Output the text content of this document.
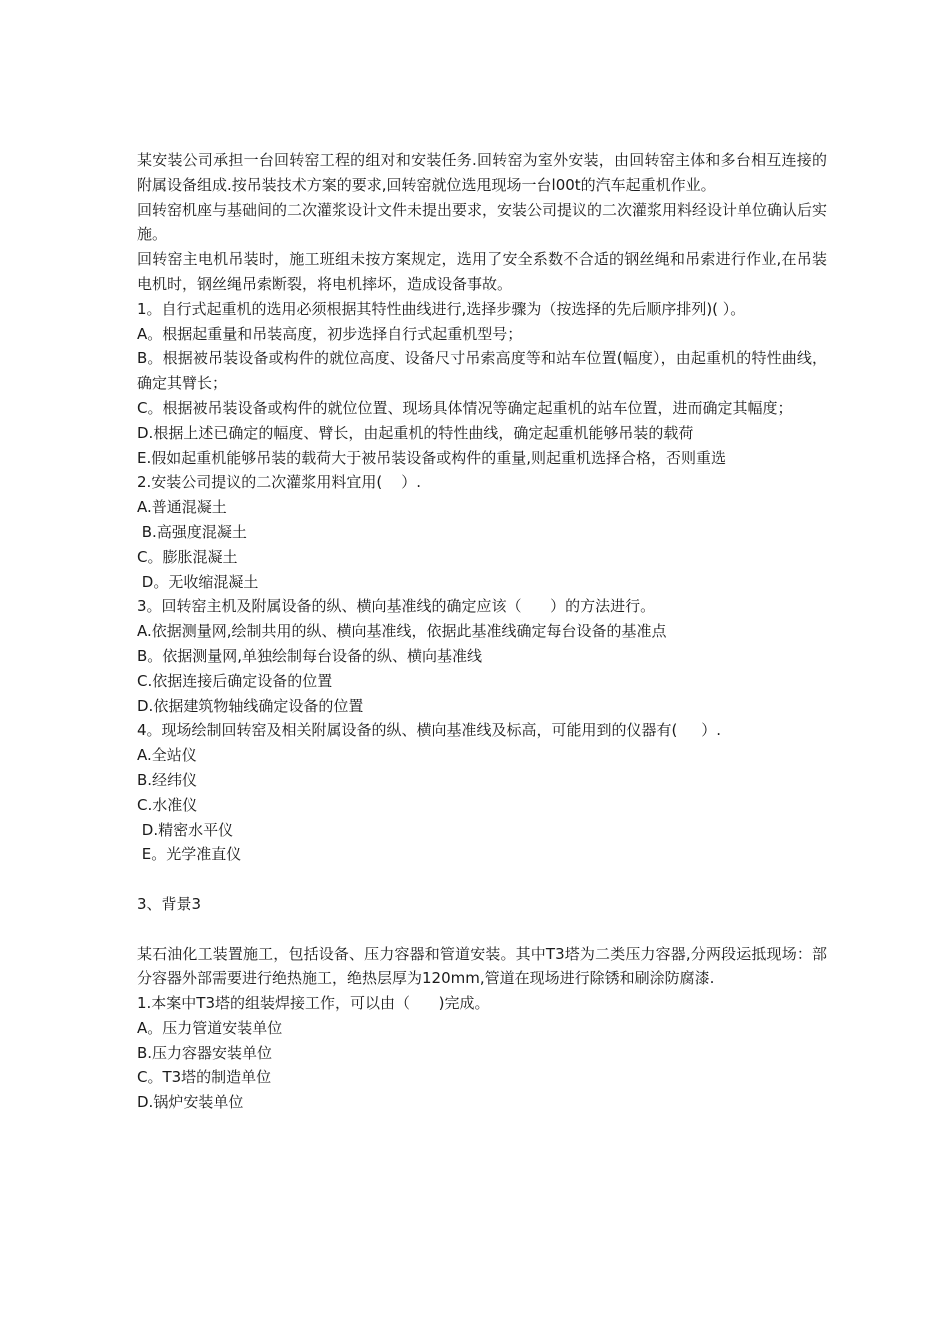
某安装公司承担一台回转窑工程的组对和安装任务.回转窑为室外安装，由回转窑主体和多台相互连接的附属设备组成.按吊装技术方案的要求,回转窑就位选甩现场一台l00t的汽车起重机作业。

回转窑机座与基础间的二次灌浆设计文件未提出要求，安装公司提议的二次灌浆用料经设计单位确认后实施。

回转窑主电机吊装时，施工班组未按方案规定，选用了安全系数不合适的钢丝绳和吊索进行作业,在吊装电机时，钢丝绳吊索断裂，将电机摔坏，造成设备事故。

1。自行式起重机的选用必须根据其特性曲线进行,选择步骤为（按选择的先后顺序排列)( ）。

A。根据起重量和吊装高度，初步选择自行式起重机型号；

B。根据被吊装设备或构件的就位高度、设备尺寸吊索高度等和站车位置(幅度），由起重机的特性曲线，确定其臂长；

C。根据被吊装设备或构件的就位位置、现场具体情况等确定起重机的站车位置，进而确定其幅度；

D.根据上述已确定的幅度、臂长，由起重机的特性曲线，确定起重机能够吊装的载荷

E.假如起重机能够吊装的载荷大于被吊装设备或构件的重量,则起重机选择合格，否则重选

2.安装公司提议的二次灌浆用料宜用(    ）.

A.普通混凝土

B.高强度混凝土

C。膨胀混凝土

D。无收缩混凝土

3。回转窑主机及附属设备的纵、横向基准线的确定应该（      ）的方法进行。

A.依据测量网,绘制共用的纵、横向基准线，依据此基准线确定每台设备的基准点

B。依据测量网,单独绘制每台设备的纵、横向基准线

C.依据连接后确定设备的位置

D.依据建筑物轴线确定设备的位置

4。现场绘制回转窑及相关附属设备的纵、横向基准线及标高，可能用到的仪器有(     ）.

A.全站仪

B.经纬仪

C.水准仪

D.精密水平仪

E。光学准直仪

3、背景3

某石油化工装置施工，包括设备、压力容器和管道安装。其中T3塔为二类压力容器,分两段运抵现场：部分容器外部需要进行绝热施工，绝热层厚为120mm,管道在现场进行除锈和刷涂防腐漆.

1.本案中T3塔的组装焊接工作，可以由（      )完成。

A。压力管道安装单位

B.压力容器安装单位

C。T3塔的制造单位

D.锅炉安装单位
